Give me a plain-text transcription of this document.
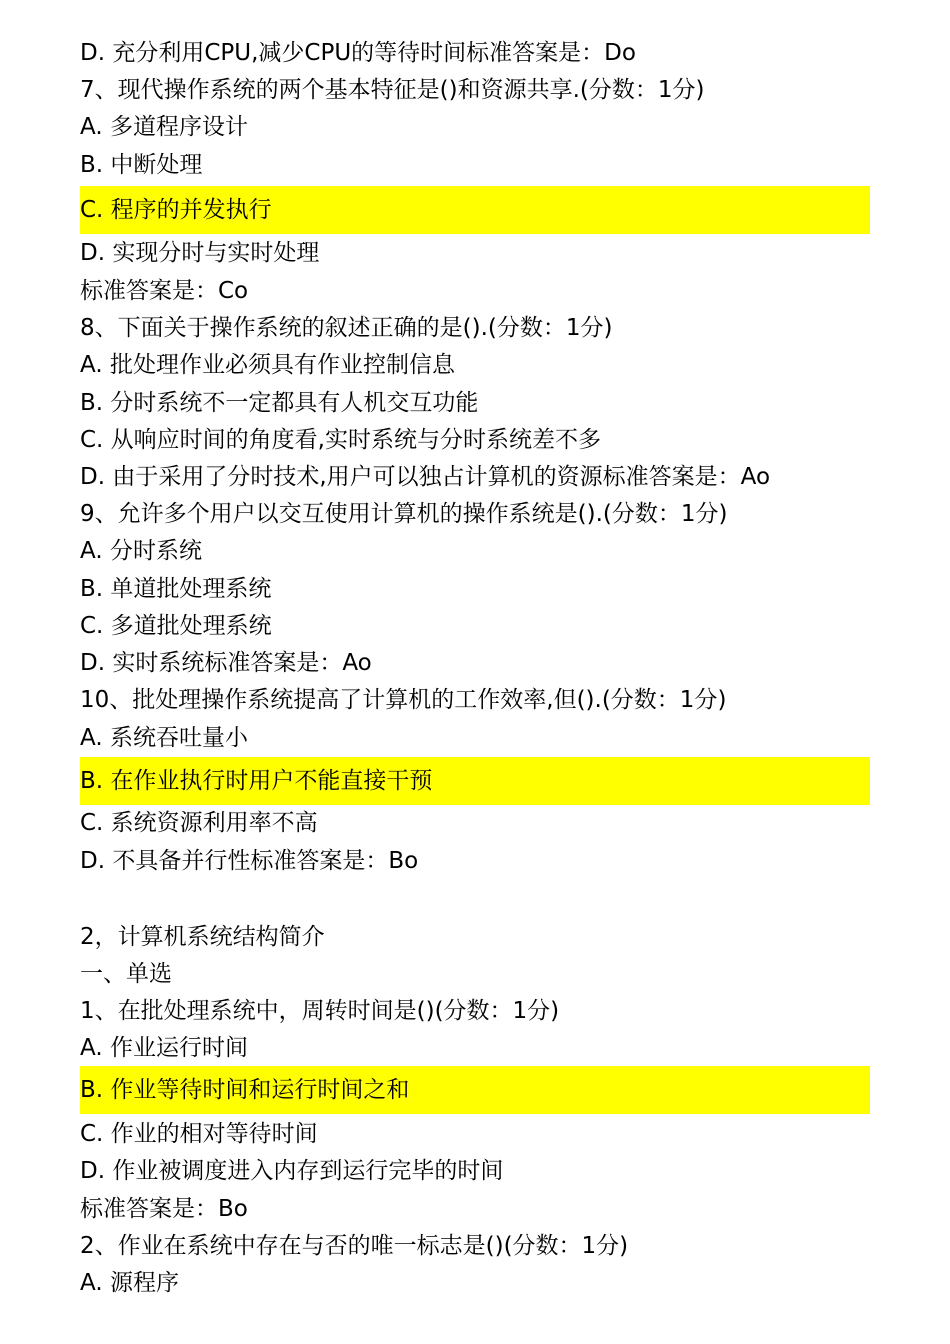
D. 充分利用CPU,减少CPU的等待时间标准答案是：Do
7、现代操作系统的两个基本特征是()和资源共享.(分数：1分)
A. 多道程序设计
B. 中断处理
C. 程序的并发执行
D. 实现分时与实时处理
标准答案是：Co
8、下面关于操作系统的叙述正确的是().(分数：1分)
A. 批处理作业必须具有作业控制信息
B. 分时系统不一定都具有人机交互功能
C. 从响应时间的角度看,实时系统与分时系统差不多
D. 由于采用了分时技术,用户可以独占计算机的资源标准答案是：Ao
9、允许多个用户以交互使用计算机的操作系统是().(分数：1分)
A. 分时系统
B. 单道批处理系统
C. 多道批处理系统
D. 实时系统标准答案是：Ao
10、批处理操作系统提高了计算机的工作效率,但().(分数：1分)
A. 系统吞吐量小
B. 在作业执行时用户不能直接干预
C. 系统资源利用率不高
D. 不具备并行性标准答案是：Bo
2，计算机系统结构简介
一、单选
1、在批处理系统中，周转时间是()(分数：1分)
A. 作业运行时间
B. 作业等待时间和运行时间之和
C. 作业的相对等待时间
D. 作业被调度进入内存到运行完毕的时间
标准答案是：Bo
2、作业在系统中存在与否的唯一标志是()(分数：1分)
A. 源程序
